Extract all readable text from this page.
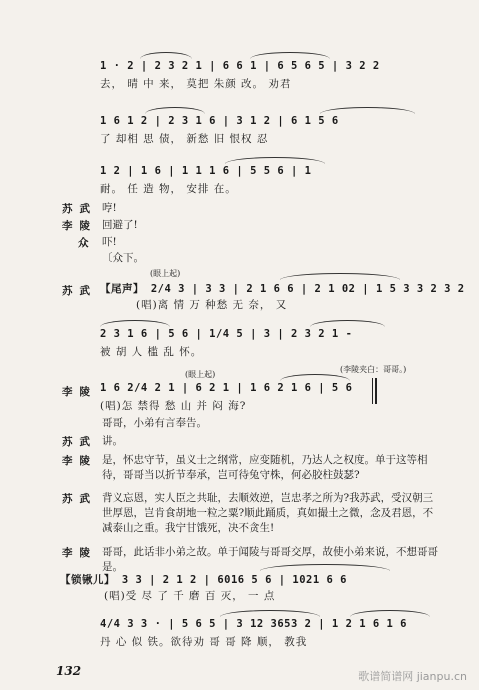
1 · 2 | 2 3 2 1 | 6 6 1 | 6 5 6 5 | 3 2 2
去， 晴 中 来， 莫把 朱颜 改。 劝君
1 6 1 2 | 2 3 1 6 | 3 1 2 | 6 1 5 6
了 却相 思 债， 新愁 旧 恨权 忍
1 2 | 1 6 | 1 1 1 6 | 5 5 6 | 1
耐。 任 造 物， 安排 在。
苏武 哼!
李陵 回避了!
众 吓!
〔众下。
(眼上起)
苏武 【尾声】 2/4 3 | 3 3 | 2 1 6 6 | 2 1 02 | 1 5 3 3 2 3 2
(唱)离 情 万 种愁 无 奈， 又
2 3 1 6 | 5 6 | 1/4 5 | 3 | 2 3 2 1 -
被 胡 人 槛 乱 怀。
(李陵夹白：哥哥。)
(眼上起)
李陵 1 6 2/4 2 1 | 6 2 1 | 1 6 2 1 6 | 5 6
(唱)怎 禁得 愁 山 并 闷 海?
哥哥，小弟有言奉告。
苏武 讲。
李陵 是，怀忠守节，虽义士之纲常，应变随机，乃达人之权度。单于这等相待，哥哥当以折节奉承，岂可待兔守株，何必胶柱鼓瑟?
苏武 背义忘恩，实人臣之共耻，去顺效逆，岂忠孝之所为?我苏武，受汉朝三世厚恩，岂肯食胡地一粒之粟?顺此踊质，真如撮土之微，念及君恩，不减泰山之重。我宁甘饿死，决不贪生!
李陵 哥哥，此话非小弟之故。单于闻陵与哥哥交厚，故使小弟来说，不想哥哥是。
【锁锹儿】 3 3 | 2 1 2 | 6016 5 6 | 1021 6 6
(唱)受 尽 了 千 磨 百 灭， 一 点
4/4 3 3 · | 5 6 5 | 3 12 3653 2 | 1 2 1 6 1 6
丹 心 似 铁。欲待劝 哥 哥 降 顺， 教我
132	歌谱简谱网 jianpu.cn
